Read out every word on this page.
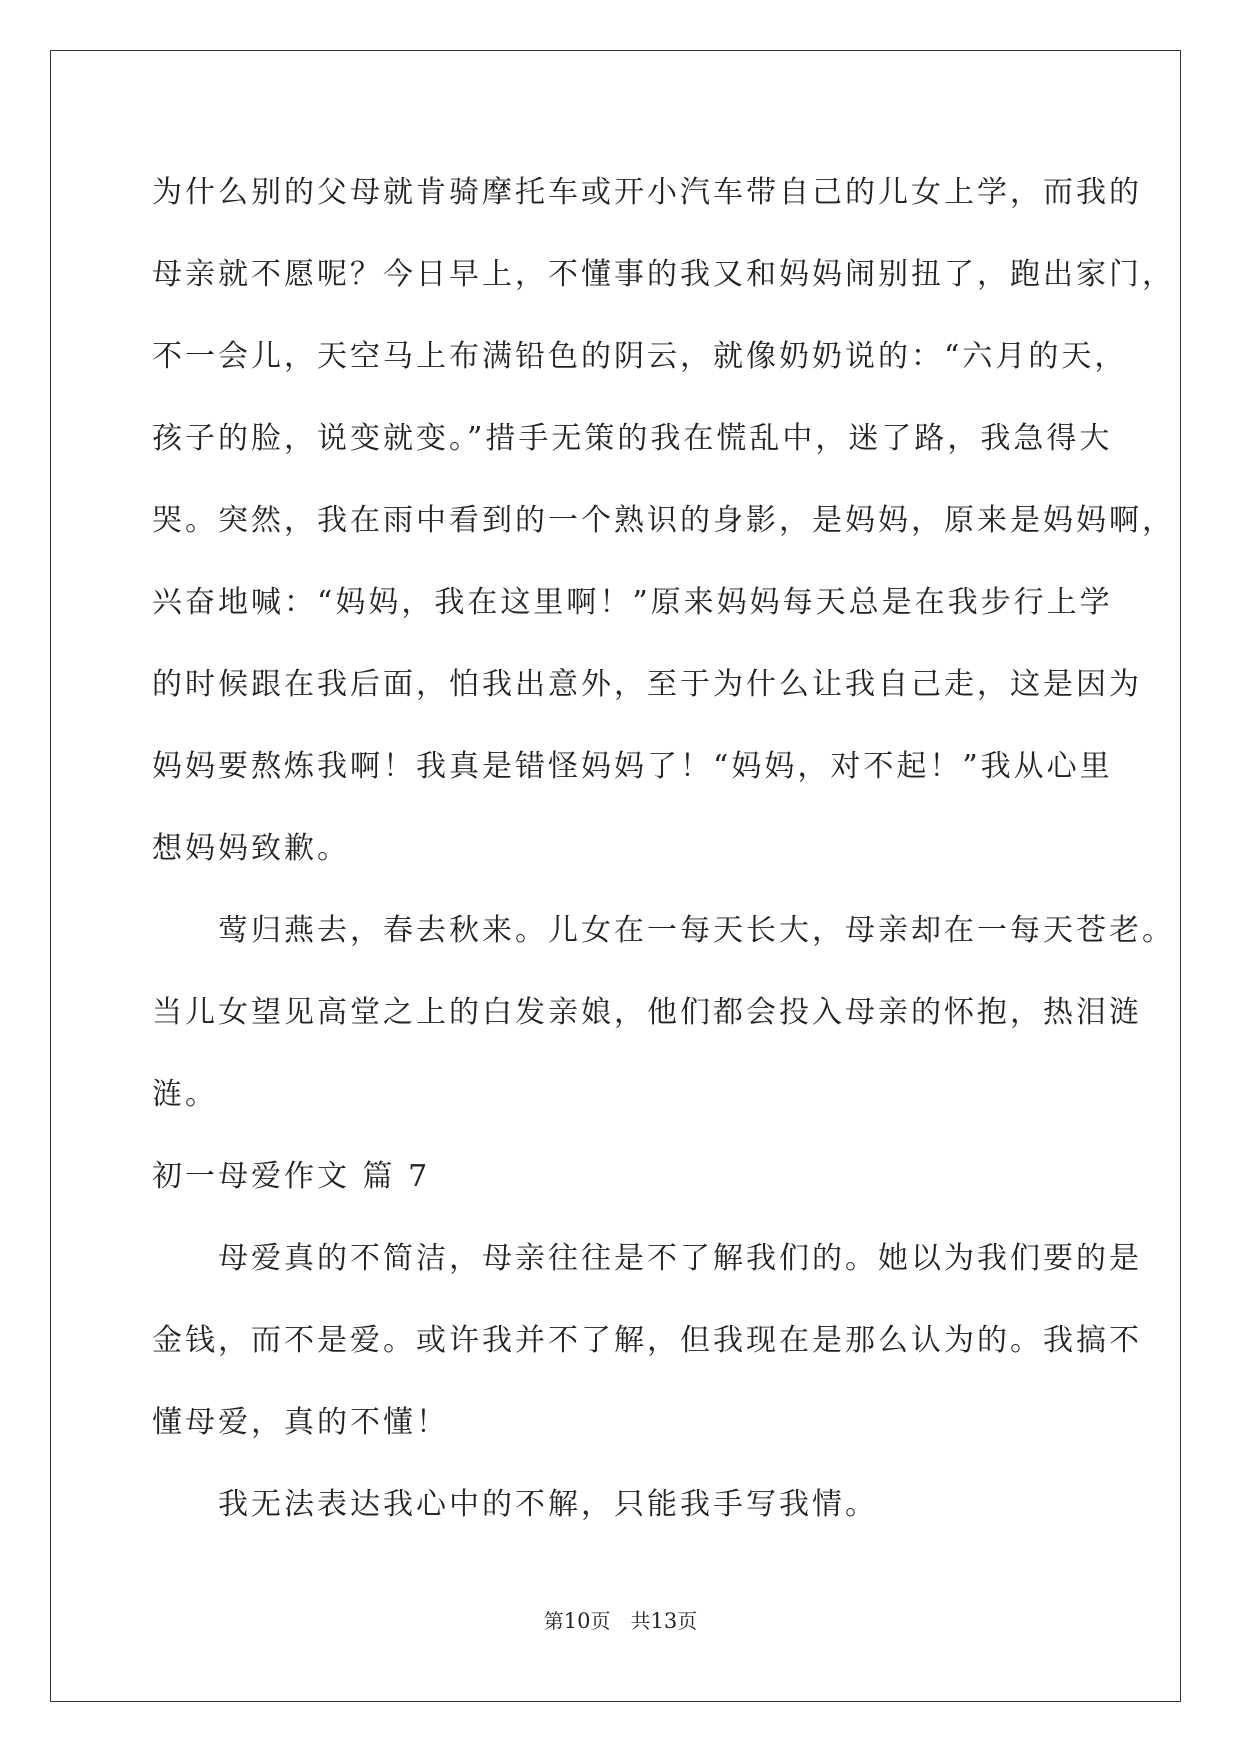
为什么别的父母就肯骑摩托车或开小汽车带自己的儿女上学，而我的
母亲就不愿呢？今日早上，不懂事的我又和妈妈闹别扭了，跑出家门，
不一会儿，天空马上布满铅色的阴云，就像奶奶说的：“六月的天，
孩子的脸，说变就变。”措手无策的我在慌乱中，迷了路，我急得大
哭。突然，我在雨中看到的一个熟识的身影，是妈妈，原来是妈妈啊，
兴奋地喊：“妈妈，我在这里啊！”原来妈妈每天总是在我步行上学
的时候跟在我后面，怕我出意外，至于为什么让我自己走，这是因为
妈妈要熬炼我啊！我真是错怪妈妈了！“妈妈，对不起！”我从心里
想妈妈致歉。
　　莺归燕去，春去秋来。儿女在一每天长大，母亲却在一每天苍老。
当儿女望见高堂之上的白发亲娘，他们都会投入母亲的怀抱，热泪涟
涟。
初一母爱作文 篇 7
　　母爱真的不简洁，母亲往往是不了解我们的。她以为我们要的是
金钱，而不是爱。或许我并不了解，但我现在是那么认为的。我搞不
懂母爱，真的不懂！
　　我无法表达我心中的不解，只能我手写我情。
第10页　共13页
